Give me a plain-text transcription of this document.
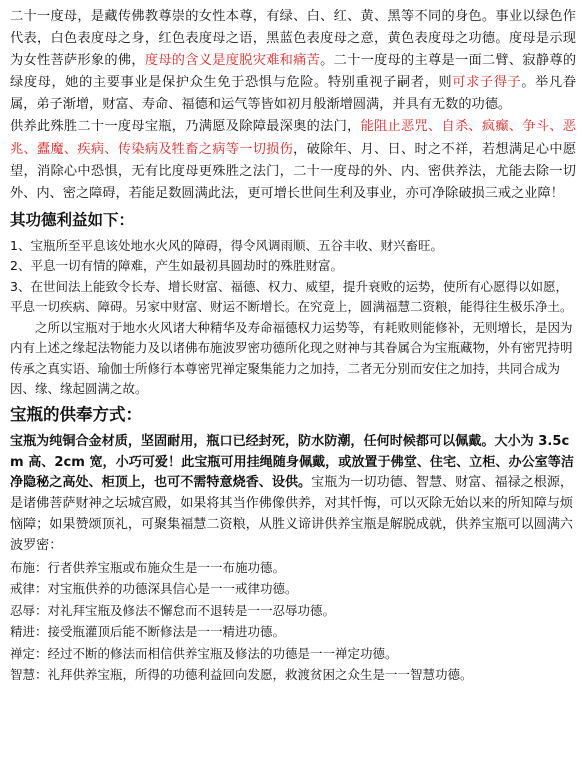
二十一度母，是藏传佛教尊崇的女性本尊，有绿、白、红、黄、黑等不同的身色。事业以绿色作代表，白色表度母之身，红色表度母之语，黑蓝色表度母之意，黄色表度母之功德。度母是示现为女性菩萨形象的佛，度母的含义是度脱灾难和痛苦。二十一度母的主尊是一面二臂、寂静尊的绿度母，她的主要事业是保护众生免于恐惧与危险。特别重视子嗣者，则可求子得子。举凡眷属，弟子渐增，财富、寿命、福德和运气等皆如初月般渐增圆满，并具有无数的功德。

供养此殊胜二十一度母宝瓶，乃满愿及除障最深奥的法门，能阻止恶咒、自杀、疯癫、争斗、恶兆、蠹魔、疾病、传染病及牲畜之病等一切损伤，破除年、月、日、时之不祥，若想满足心中愿望，消除心中恐惧，无有比度母更殊胜之法门，二十一度母的外、内、密供养法，尤能去除一切外、内、密之障碍，若能足数圆满此法，更可增长世间生利及事业，亦可净除破损三戒之业障！

其功德利益如下：

1、宝瓶所至平息该处地水火风的障碍，得令风调雨顺、五谷丰收、财兴畜旺。

2、平息一切有情的障难，产生如最初具圆劫时的殊胜财富。

3、在世间法上能致令长寿、增长财富、福德、权力、威望，提升衰败的运势，使所有心愿得以如愿，平息一切疾病、障碍。另家中财富、财运不断增长。在究竟上，圆满福慧二资粮，能得往生极乐净土。

之所以宝瓶对于地水火风诸大种精华及寿命福德权力运势等，有耗败则能修补，无则增长，是因为内有上述之缘起法物能力及以诸佛布施波罗密功德所化现之财神与其眷属合为宝瓶藏物，外有密咒持明传承之真实语、瑜伽士所修行本尊密咒禅定聚集能力之加持，二者无分别而安住之加持，共同合成为因、缘、缘起圆满之故。

宝瓶的供奉方式：

宝瓶为纯铜合金材质，坚固耐用，瓶口已经封死，防水防潮，任何时候都可以佩戴。大小为 3.5cm 高、2cm 宽，小巧可爱！此宝瓶可用挂绳随身佩戴，或放置于佛堂、住宅、立柜、办公室等洁净隐秘之高处、柜顶上，也可不需特意烧香、设供。宝瓶为一切功德、智慧、财富、福禄之根源，是诸佛菩萨财神之坛城宫殿，如果将其当作佛像供养，对其忏悔，可以灭除无始以来的所知障与烦恼障；如果赞颂顶礼，可聚集福慧二资粮，从胜义谛讲供养宝瓶是解脱成就，供养宝瓶可以圆满六波罗密：

布施：行者供养宝瓶或布施众生是一一布施功德。

戒律：对宝瓶供养的功德深具信心是一一戒律功德。

忍辱：对礼拜宝瓶及修法不懈怠而不退转是一一忍辱功德。

精进：接受瓶灌顶后能不断修法是一一精进功德。

禅定：经过不断的修法而相信供养宝瓶及修法的功德是一一禅定功德。

智慧：礼拜供养宝瓶，所得的功德利益回向发愿，救渡贫困之众生是一一智慧功德。
